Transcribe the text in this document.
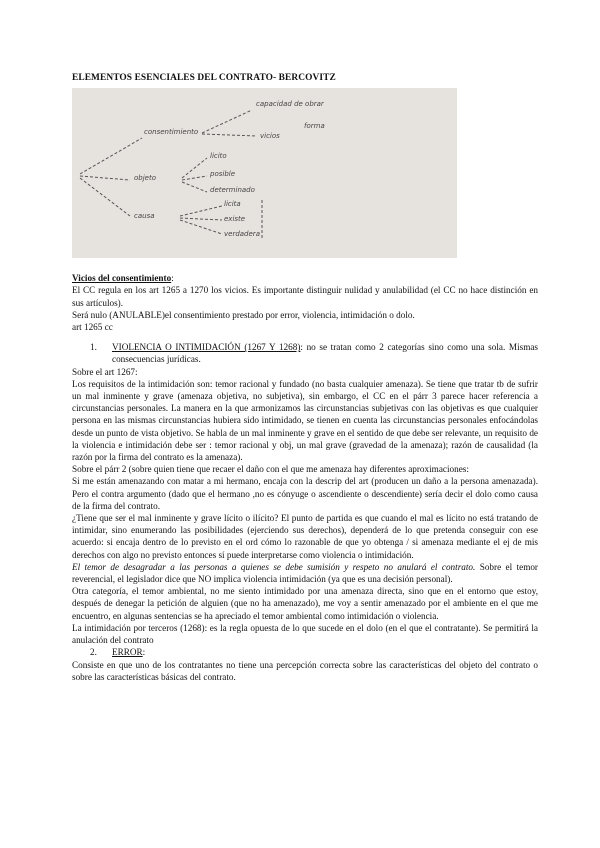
ELEMENTOS ESENCIALES DEL CONTRATO- BERCOVITZ
consentimiento
objeto
causa
capacidad de obrar
vicios
forma
licito
posible
determinado
licita
existe
verdadera

Vicios del consentimiento:

El CC regula en los art 1265 a 1270 los vicios. Es importante distinguir nulidad y anulabilidad (el CC no hace distinción en sus artículos).

Será nulo (ANULABLE)el consentimiento prestado por error, violencia, intimidación o dolo.

art 1265 cc

1.	VIOLENCIA O INTIMIDACIÓN (1267 Y 1268): no se tratan como 2 categorías sino como una sola. Mismas consecuencias jurídicas.

Sobre el art 1267:

Los requisitos de la intimidación son: temor racional y fundado (no basta cualquier amenaza). Se tiene que tratar tb de sufrir un mal inminente y grave (amenaza objetiva, no subjetiva), sin embargo, el CC en el párr 3 parece hacer referencia a circunstancias personales. La manera en la que armonizamos las circunstancias subjetivas con las objetivas es que cualquier persona en las mismas circunstancias hubiera sido intimidado, se tienen en cuenta las circunstancias personales enfocándolas desde un punto de vista objetivo. Se habla de un mal inminente y grave en el sentido de que debe ser relevante, un requisito de la violencia e intimidación debe ser : temor racional y obj, un mal grave (gravedad de la amenaza); razón de causalidad (la razón por la firma del contrato es la amenaza).

Sobre el párr 2 (sobre quien tiene que recaer el daño con el que me amenaza hay diferentes aproximaciones:

Si me están amenazando con matar a mi hermano, encaja con la descrip del art (producen un daño a la persona amenazada). Pero el contra argumento (dado que el hermano ,no es cónyuge o ascendiente o descendiente) sería decir el dolo como causa de la firma del contrato.

¿Tiene que ser el mal inminente y grave lícito o ilícito? El punto de partida es que cuando el mal es lícito no está tratando de intimidar, sino enumerando las posibilidades (ejerciendo sus derechos), dependerá de lo que pretenda conseguir con ese acuerdo: si encaja dentro de lo previsto en el ord cómo lo razonable de que yo obtenga / si amenaza mediante el ej de mis derechos con algo no previsto entonces sí puede interpretarse como violencia o intimidación.

El temor de desagradar a las personas a quienes se debe sumisión y respeto no anulará el contrato. Sobre el temor reverencial, el legislador dice que NO implica violencia intimidación (ya que es una decisión personal).

Otra categoría, el temor ambiental, no me siento intimidado por una amenaza directa, sino que en el entorno que estoy, después de denegar la petición de alguien (que no ha amenazado), me voy a sentir amenazado por el ambiente en el que me encuentro, en algunas sentencias se ha apreciado el temor ambiental como intimidación o violencia.

La intimidación por terceros (1268): es la regla opuesta de lo que sucede en el dolo (en el que el contratante). Se permitirá la anulación del contrato

2.	ERROR:

Consiste en que uno de los contratantes no tiene una percepción correcta sobre las características del objeto del contrato o sobre las características básicas del contrato.
